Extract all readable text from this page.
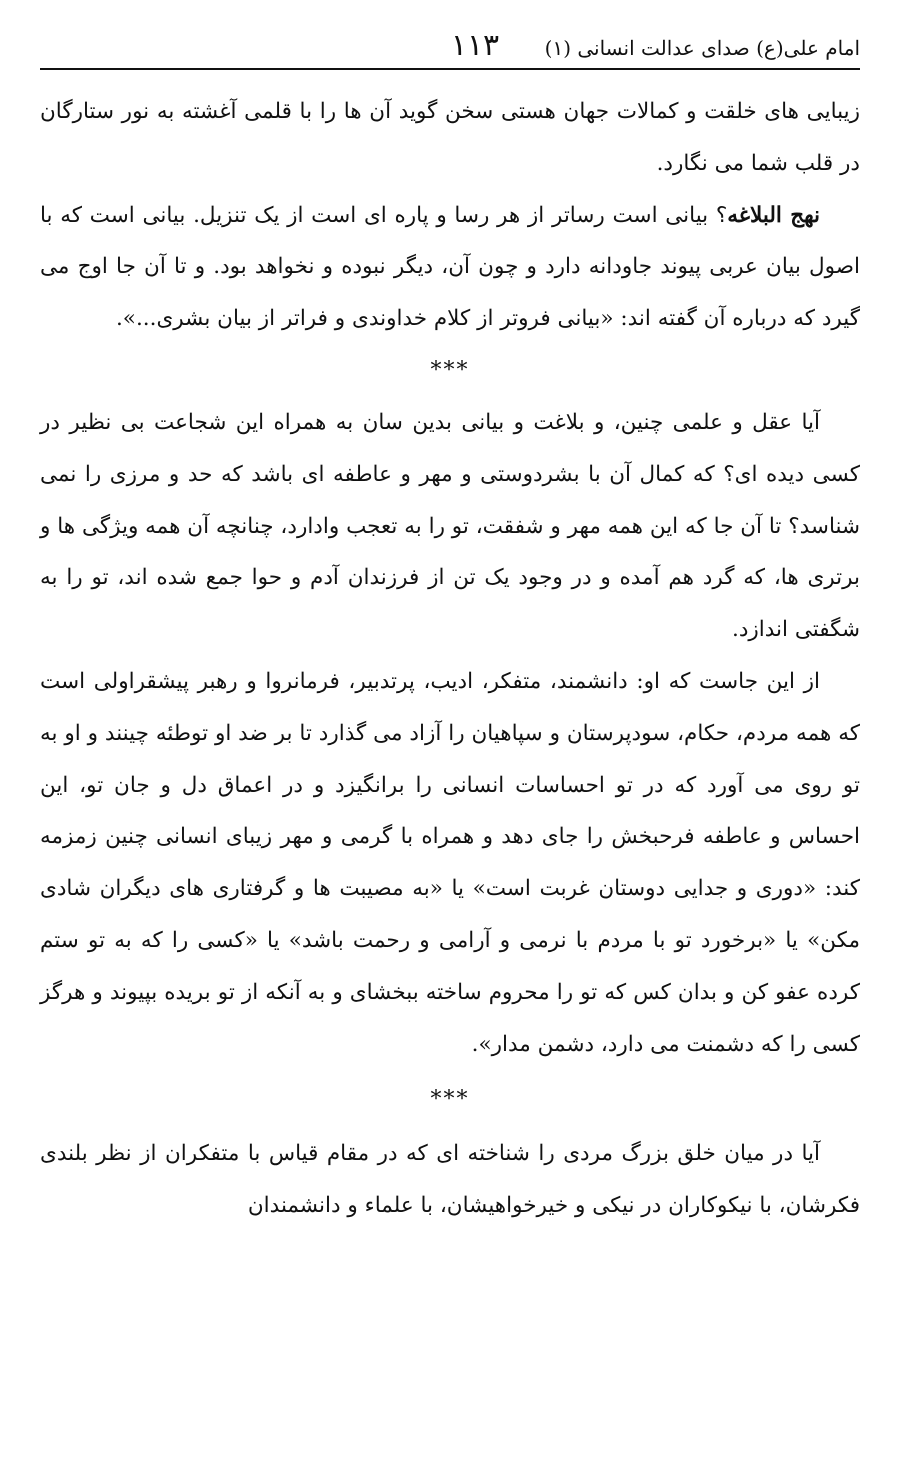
امام علی(ع) صدای عدالت انسانی (۱)
۱۱۳

زیبایی های خلقت و کمالات جهان هستی سخن گوید آن ها را با قلمی آغشته به نور ستارگان در قلب شما می نگارد.

نهج البلاغه؟ بیانی است رساتر از هر رسا و پاره ای است از یک تنزیل. بیانی است که با اصول بیان عربی پیوند جاودانه دارد و چون آن، دیگر نبوده و نخواهد بود. و تا آن جا اوج می گیرد که درباره آن گفته اند: «بیانی فروتر از کلام خداوندی و فراتر از بیان بشری...».

***

آیا عقل و علمی چنین، و بلاغت و بیانی بدین سان به همراه این شجاعت بی نظیر در کسی دیده ای؟ که کمال آن با بشردوستی و مهر و عاطفه ای باشد که حد و مرزی را نمی شناسد؟ تا آن جا که این همه مهر و شفقت، تو را به تعجب وادارد، چنانچه آن همه ویژگی ها و برتری ها، که گرد هم آمده و در وجود یک تن از فرزندان آدم و حوا جمع شده اند، تو را به شگفتی اندازد.

از این جاست که او: دانشمند، متفکر، ادیب، پرتدبیر، فرمانروا و رهبر پیشقراولی است که همه مردم، حکام، سودپرستان و سپاهیان را آزاد می گذارد تا بر ضد او توطئه چینند و او به تو روی می آورد که در تو احساسات انسانی را برانگیزد و در اعماق دل و جان تو، این احساس و عاطفه فرحبخش را جای دهد و همراه با گرمی و مهر زیبای انسانی چنین زمزمه کند: «دوری و جدایی دوستان غربت است» یا «به مصیبت ها و گرفتاری های دیگران شادی مکن» یا «برخورد تو با مردم با نرمی و آرامی و رحمت باشد» یا «کسی را که به تو ستم کرده عفو کن و بدان کس که تو را محروم ساخته ببخشای و به آنکه از تو بریده بپیوند و هرگز کسی را که دشمنت می دارد، دشمن مدار».

***

آیا در میان خلق بزرگ مردی را شناخته ای که در مقام قیاس با متفکران از نظر بلندی فکرشان، با نیکوکاران در نیکی و خیرخواهیشان، با علماء و دانشمندان
